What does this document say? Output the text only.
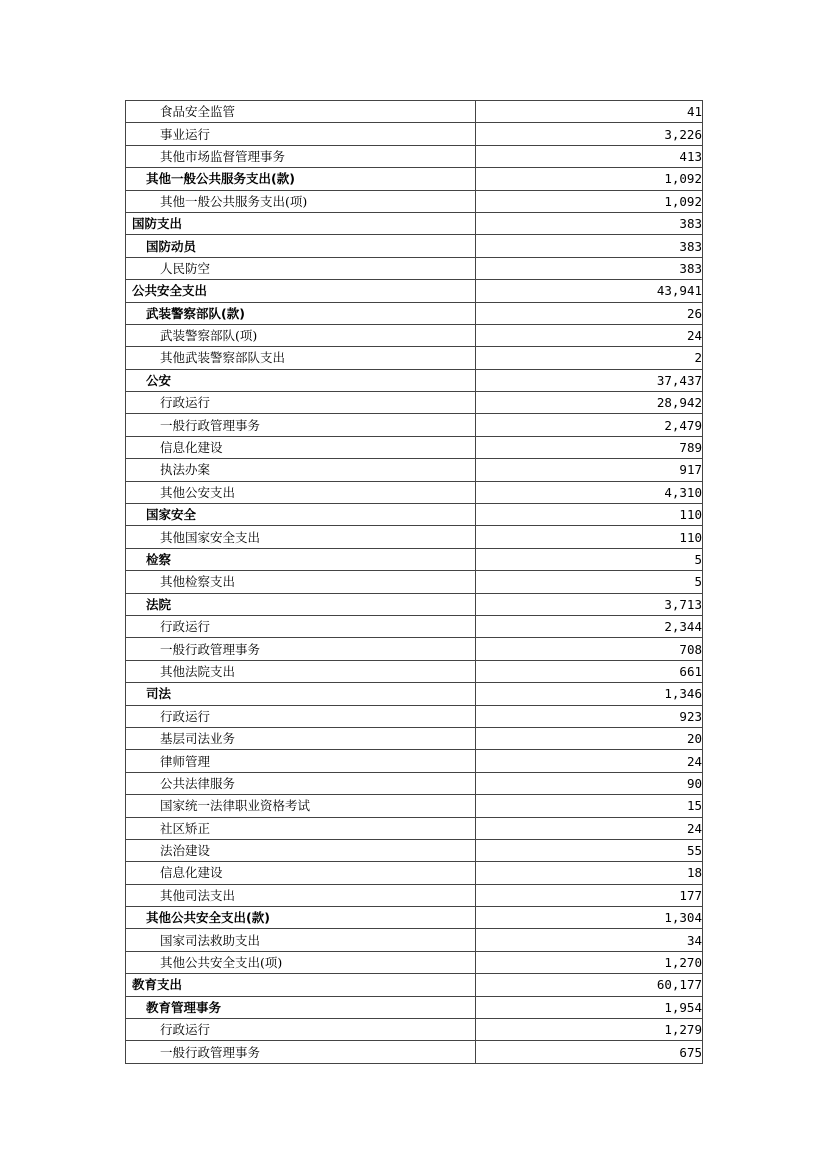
食品安全监管	41
事业运行	3,226
其他市场监督管理事务	413
其他一般公共服务支出(款)	1,092
其他一般公共服务支出(项)	1,092
国防支出	383
国防动员	383
人民防空	383
公共安全支出	43,941
武装警察部队(款)	26
武装警察部队(项)	24
其他武装警察部队支出	2
公安	37,437
行政运行	28,942
一般行政管理事务	2,479
信息化建设	789
执法办案	917
其他公安支出	4,310
国家安全	110
其他国家安全支出	110
检察	5
其他检察支出	5
法院	3,713
行政运行	2,344
一般行政管理事务	708
其他法院支出	661
司法	1,346
行政运行	923
基层司法业务	20
律师管理	24
公共法律服务	90
国家统一法律职业资格考试	15
社区矫正	24
法治建设	55
信息化建设	18
其他司法支出	177
其他公共安全支出(款)	1,304
国家司法救助支出	34
其他公共安全支出(项)	1,270
教育支出	60,177
教育管理事务	1,954
行政运行	1,279
一般行政管理事务	675
